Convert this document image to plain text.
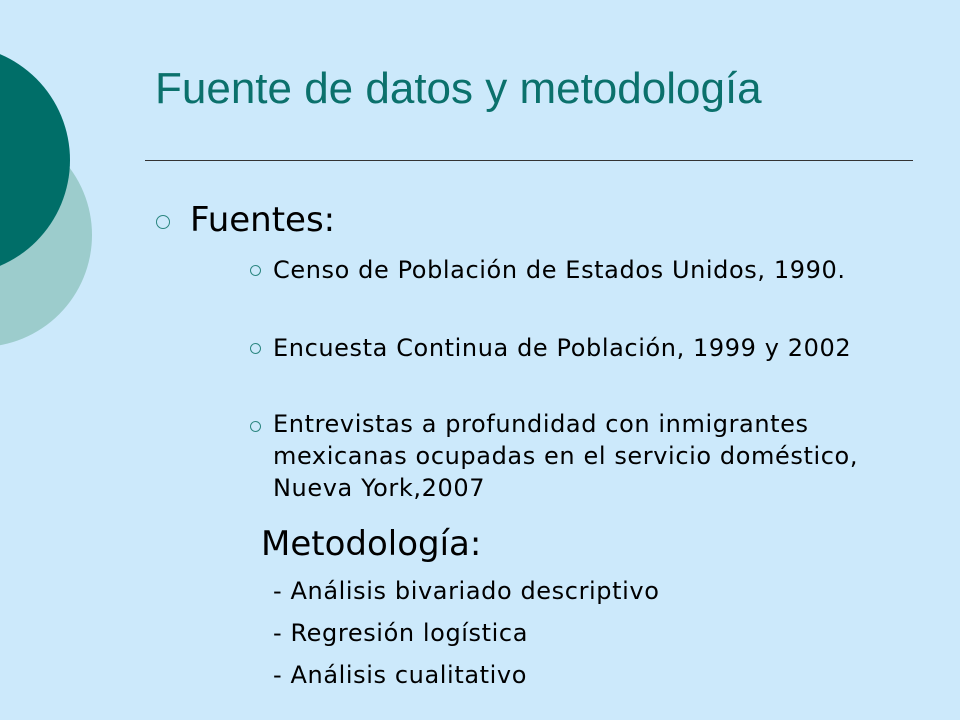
Fuente de datos y metodología
Fuentes:
Censo de Población de Estados Unidos, 1990.
Encuesta Continua de Población, 1999 y 2002
Entrevistas a profundidad con inmigrantes mexicanas ocupadas en el servicio doméstico, Nueva York,2007
Metodología:
- Análisis bivariado descriptivo
- Regresión logística
- Análisis cualitativo
